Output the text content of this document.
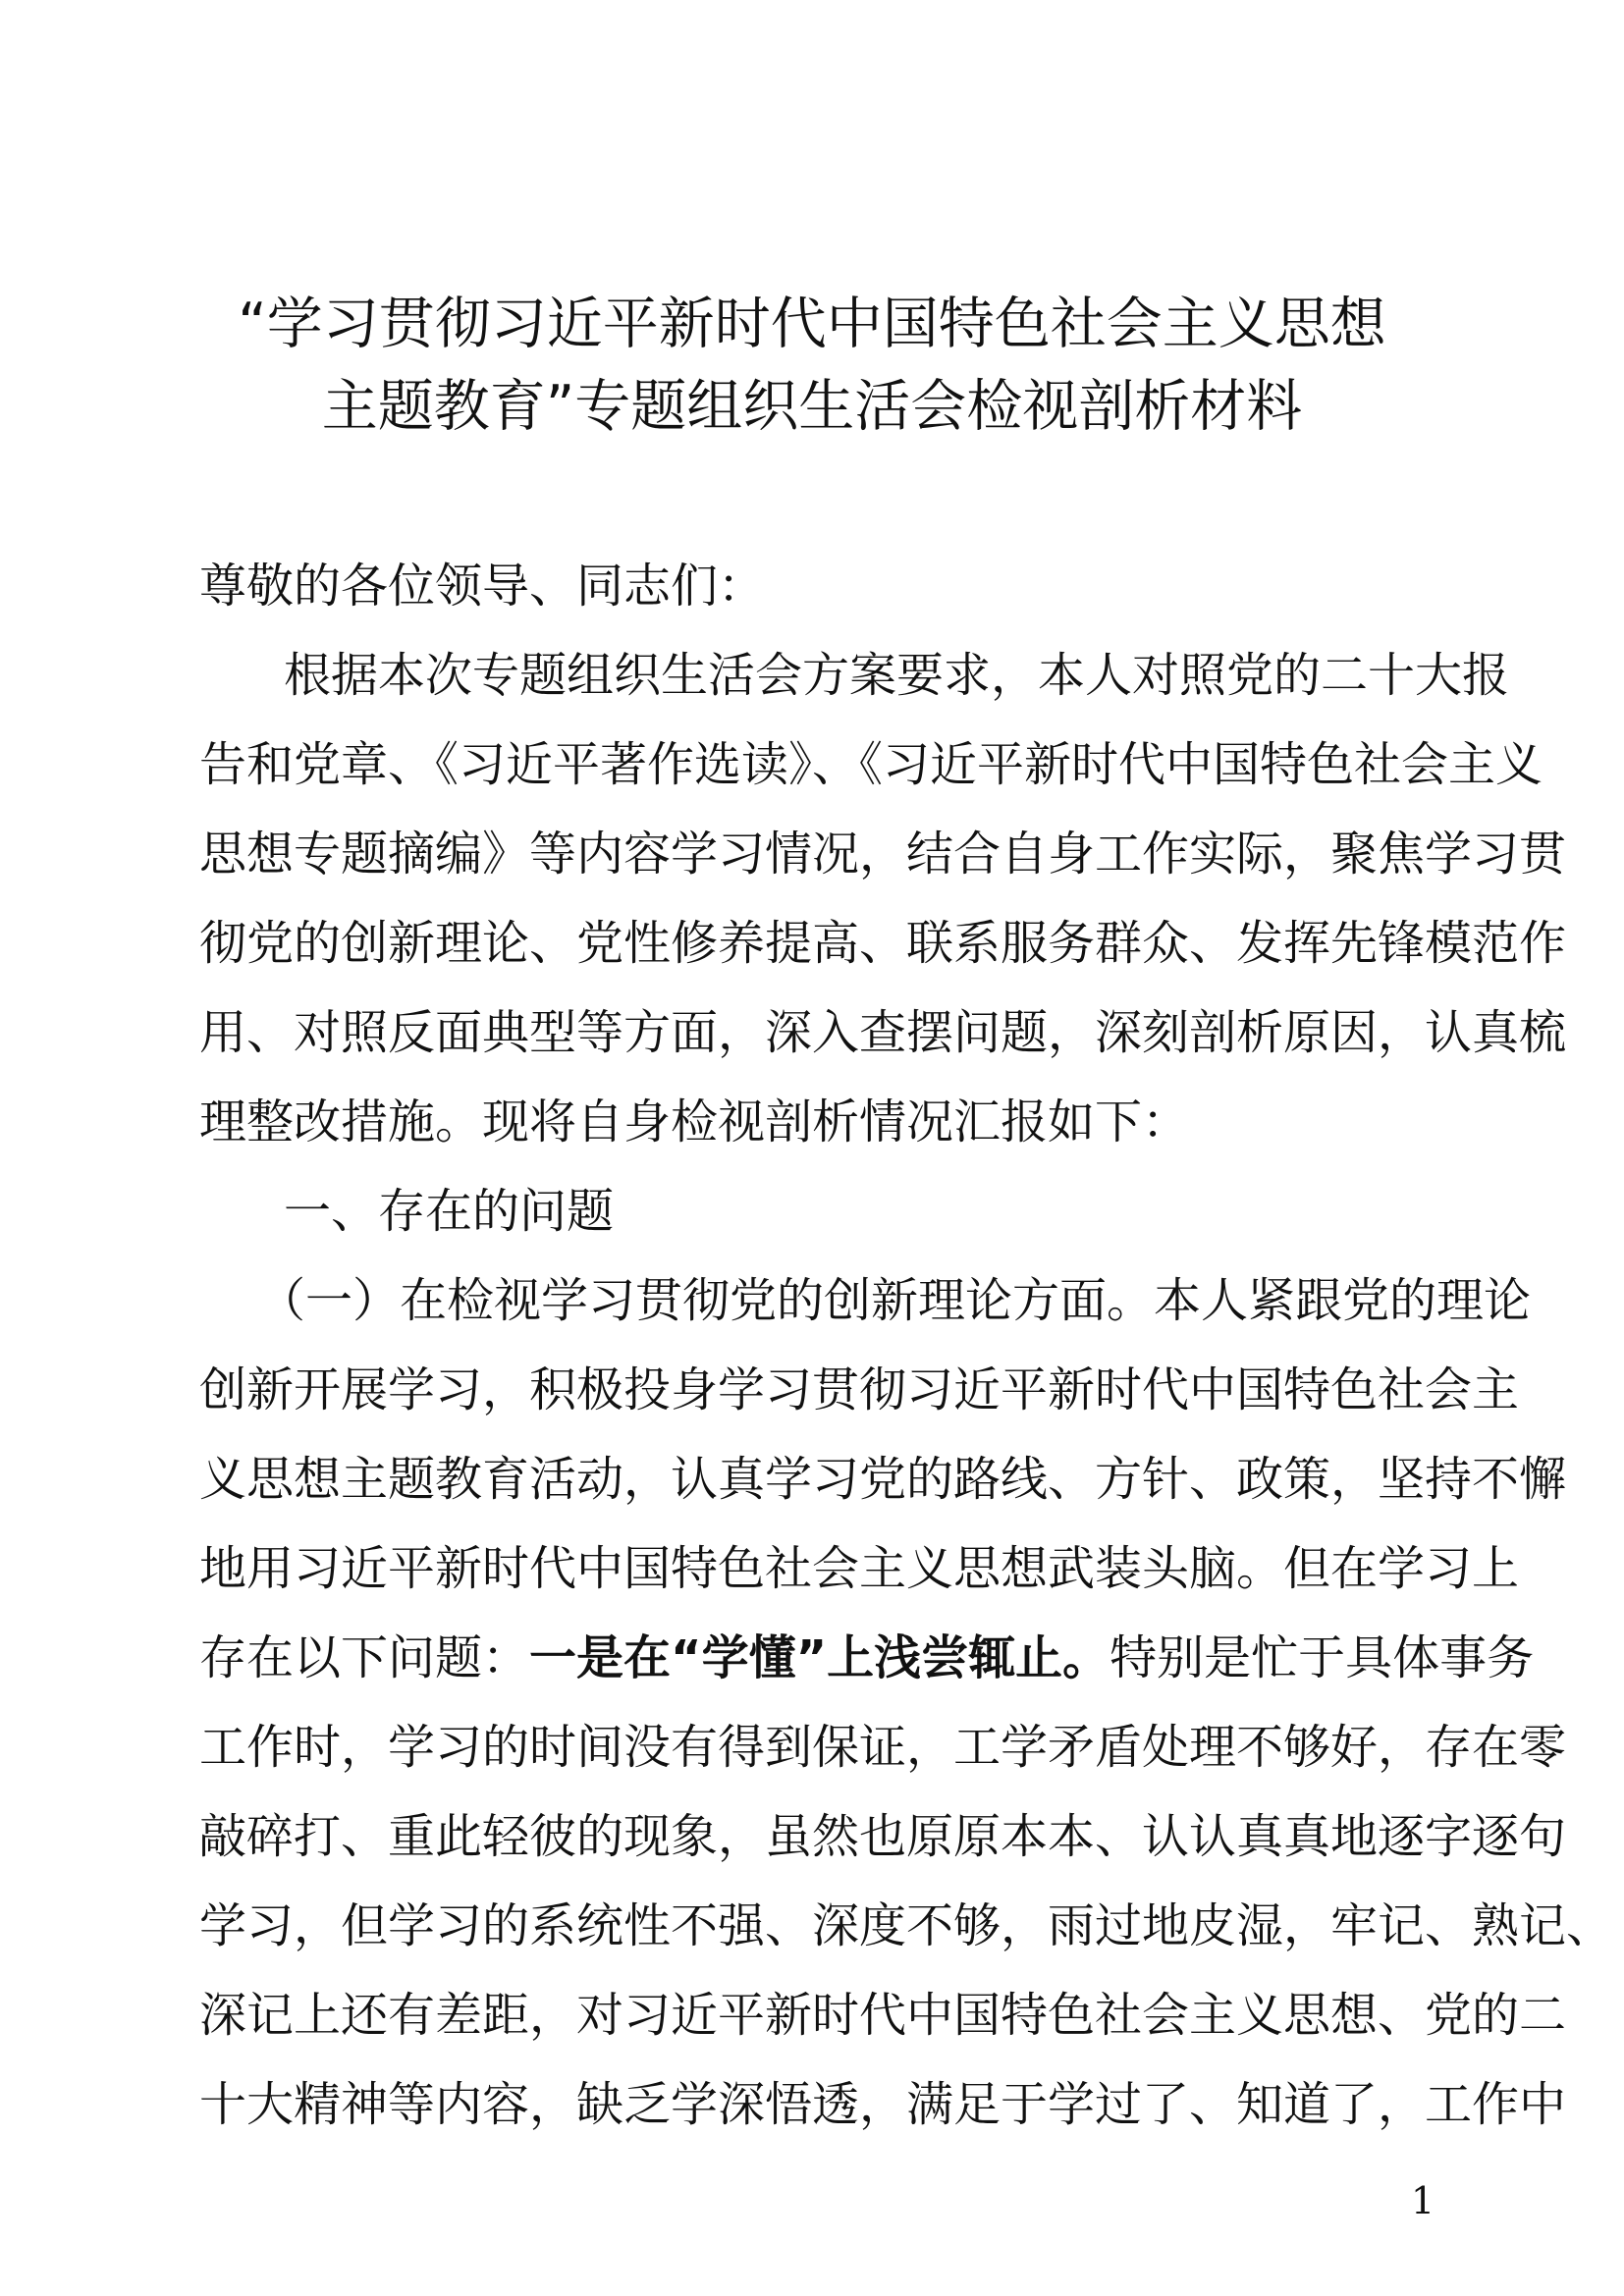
“学习贯彻习近平新时代中国特色社会主义思想
主题教育”专题组织生活会检视剖析材料
尊敬的各位领导、同志们：
根据本次专题组织生活会方案要求，本人对照党的二十大报
告和党章、《习近平著作选读》、《习近平新时代中国特色社会主义
思想专题摘编》等内容学习情况，结合自身工作实际，聚焦学习贯
彻党的创新理论、党性修养提高、联系服务群众、发挥先锋模范作
用、对照反面典型等方面，深入查摆问题，深刻剖析原因，认真梳
理整改措施。现将自身检视剖析情况汇报如下：
一、存在的问题
（一）在检视学习贯彻党的创新理论方面。本人紧跟党的理论
创新开展学习，积极投身学习贯彻习近平新时代中国特色社会主
义思想主题教育活动，认真学习党的路线、方针、政策，坚持不懈
地用习近平新时代中国特色社会主义思想武装头脑。但在学习上
存在以下问题：一是在“学懂”上浅尝辄止。特别是忙于具体事务
工作时，学习的时间没有得到保证，工学矛盾处理不够好，存在零
敲碎打、重此轻彼的现象，虽然也原原本本、认认真真地逐字逐句
学习，但学习的系统性不强、深度不够，雨过地皮湿，牢记、熟记、
深记上还有差距，对习近平新时代中国特色社会主义思想、党的二
十大精神等内容，缺乏学深悟透，满足于学过了、知道了，工作中
1
